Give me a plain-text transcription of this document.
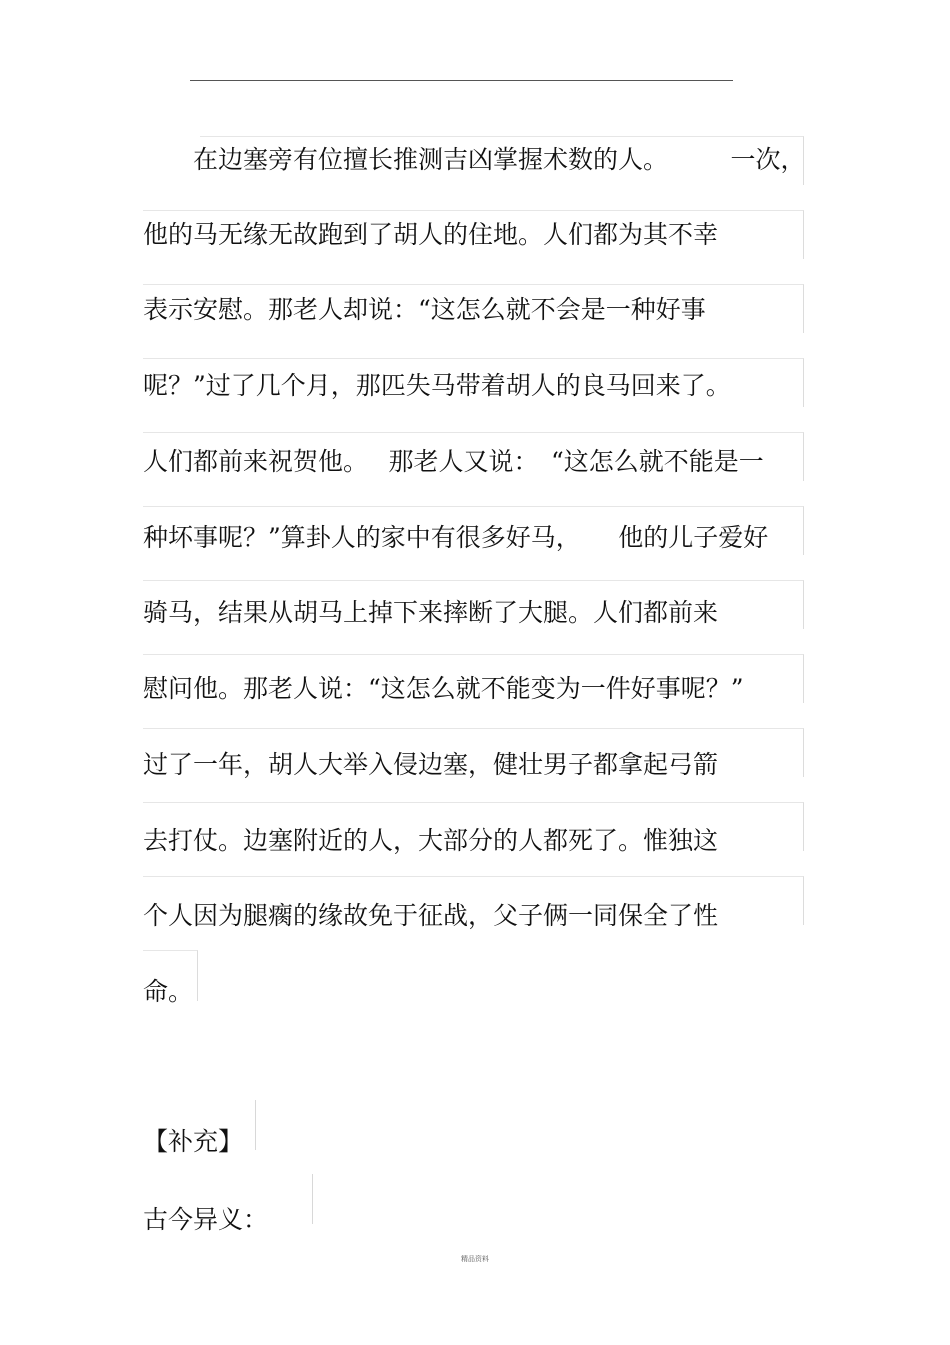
　　在边塞旁有位擅长推测吉凶掌握术数的人。　　　一次，
他的马无缘无故跑到了胡人的住地。人们都为其不幸
表示安慰。那老人却说：“这怎么就不会是一种好事
呢？”过了几个月，那匹失马带着胡人的良马回来了。
人们都前来祝贺他。　 那老人又说：　“这怎么就不能是一
种坏事呢？”算卦人的家中有很多好马，　　他的儿子爱好
骑马，结果从胡马上掉下来摔断了大腿。人们都前来
慰问他。那老人说：“这怎么就不能变为一件好事呢？”
过了一年，胡人大举入侵边塞，健壮男子都拿起弓箭
去打仗。边塞附近的人，大部分的人都死了。惟独这
个人因为腿瘸的缘故免于征战，父子俩一同保全了性
命。
【补充】
古今异义：
精品资料
